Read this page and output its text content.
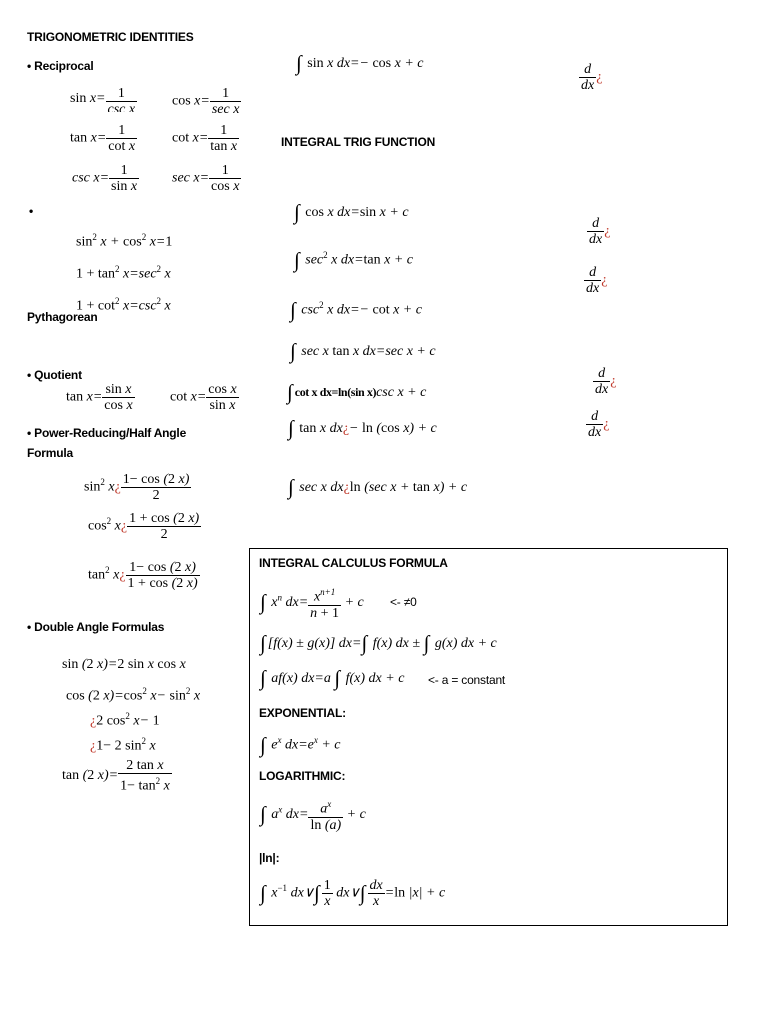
TRIGONOMETRIC IDENTITIES
• Reciprocal
$\sin x= \frac{1}{\text{csc x}}$ $\cos x= \frac{1}{\text{sec x}}$
$\tan x= \frac{1}{\text{cot x}}$ $\cot x= \frac{1}{\text{tan x}}$
$\csc x= \frac{1}{\text{sin x}}$ $\sec x= \frac{1}{\text{cos x}}$
•
$\sin^2 x + \cos^2 x=1$
$1 + \tan^2 x=\sec^2$ x
$1 + \cot^2 x=\csc^2$ x
Pythagorean
• Quotient
$\tan x= \frac{\text{sin x}}{\text{cos x}}$	$\cot x= \frac{\text{cos x}}{\text{sin x}}$
• Power-Reducing/Half Angle
Formula
$\sin^2$ x¿ $\frac{1- \cos (2 x)}{2}$
$\cos^2$ x¿ $\frac{1 + \cos (2 x)}{2}$
$\tan^2$ x¿ $\frac{1- \cos (2 x)}{1 + \cos (2 x)}$
• Double Angle Formulas
sin (2 x)=2 sin x cos x
cos (2 $x)=\cos^2$ $x- \sin^2 x$
¿2 $\cos^2 x- 1$
¿1− 2 $\sin^2 x$
tan (2 $x)= \frac{\text{2 tan x}}{1- \tan^2 x}$
∫ sin x dx=− cos x + c
INTEGRAL TRIG FUNCTION
∫ cos x dx=sin x + c
∫ $\sec^2 x$ dx=tan x + c
∫ $\csc^2 x$ dx=− cot x + c
∫ sec x tan x dx=sec x + c
∫ cot x dx=ln(sin x)csc x + c
∫ tan x dx¿− ln (cos x) + c
∫ sec x dx¿ln (sec x + tan x) + c
$\frac{d}{dx}$ ¿
$\frac{d}{dx}$ ¿
$\frac{d}{dx}$ ¿
$\frac{d}{dx}$ ¿
$\frac{d}{dx}$ ¿
INTEGRAL CALCULUS FORMULA
∫ $x^n$ $dx= \frac{x^{n+1}}{n + 1} + c <- \ne 0$
∫ [f(x) ± g(x)] dx=∫ f(x) dx ± ∫ g(x) dx + c
∫ af(x) dx=a ∫ f(x) dx + c <- a = constant
EXPONENTIAL:
∫ $e^x$ $dx=e^x + c$
LOGARITHMIC:
∫ $a^x$ $dx= \frac{a^x}{\ln (a)} + c$
|ln|:
∫ $x^{-1}$ dx∨∫ $\frac{1}{x}$ dx∨∫ $\frac{dx}{x} =\ln$ |x| + c
